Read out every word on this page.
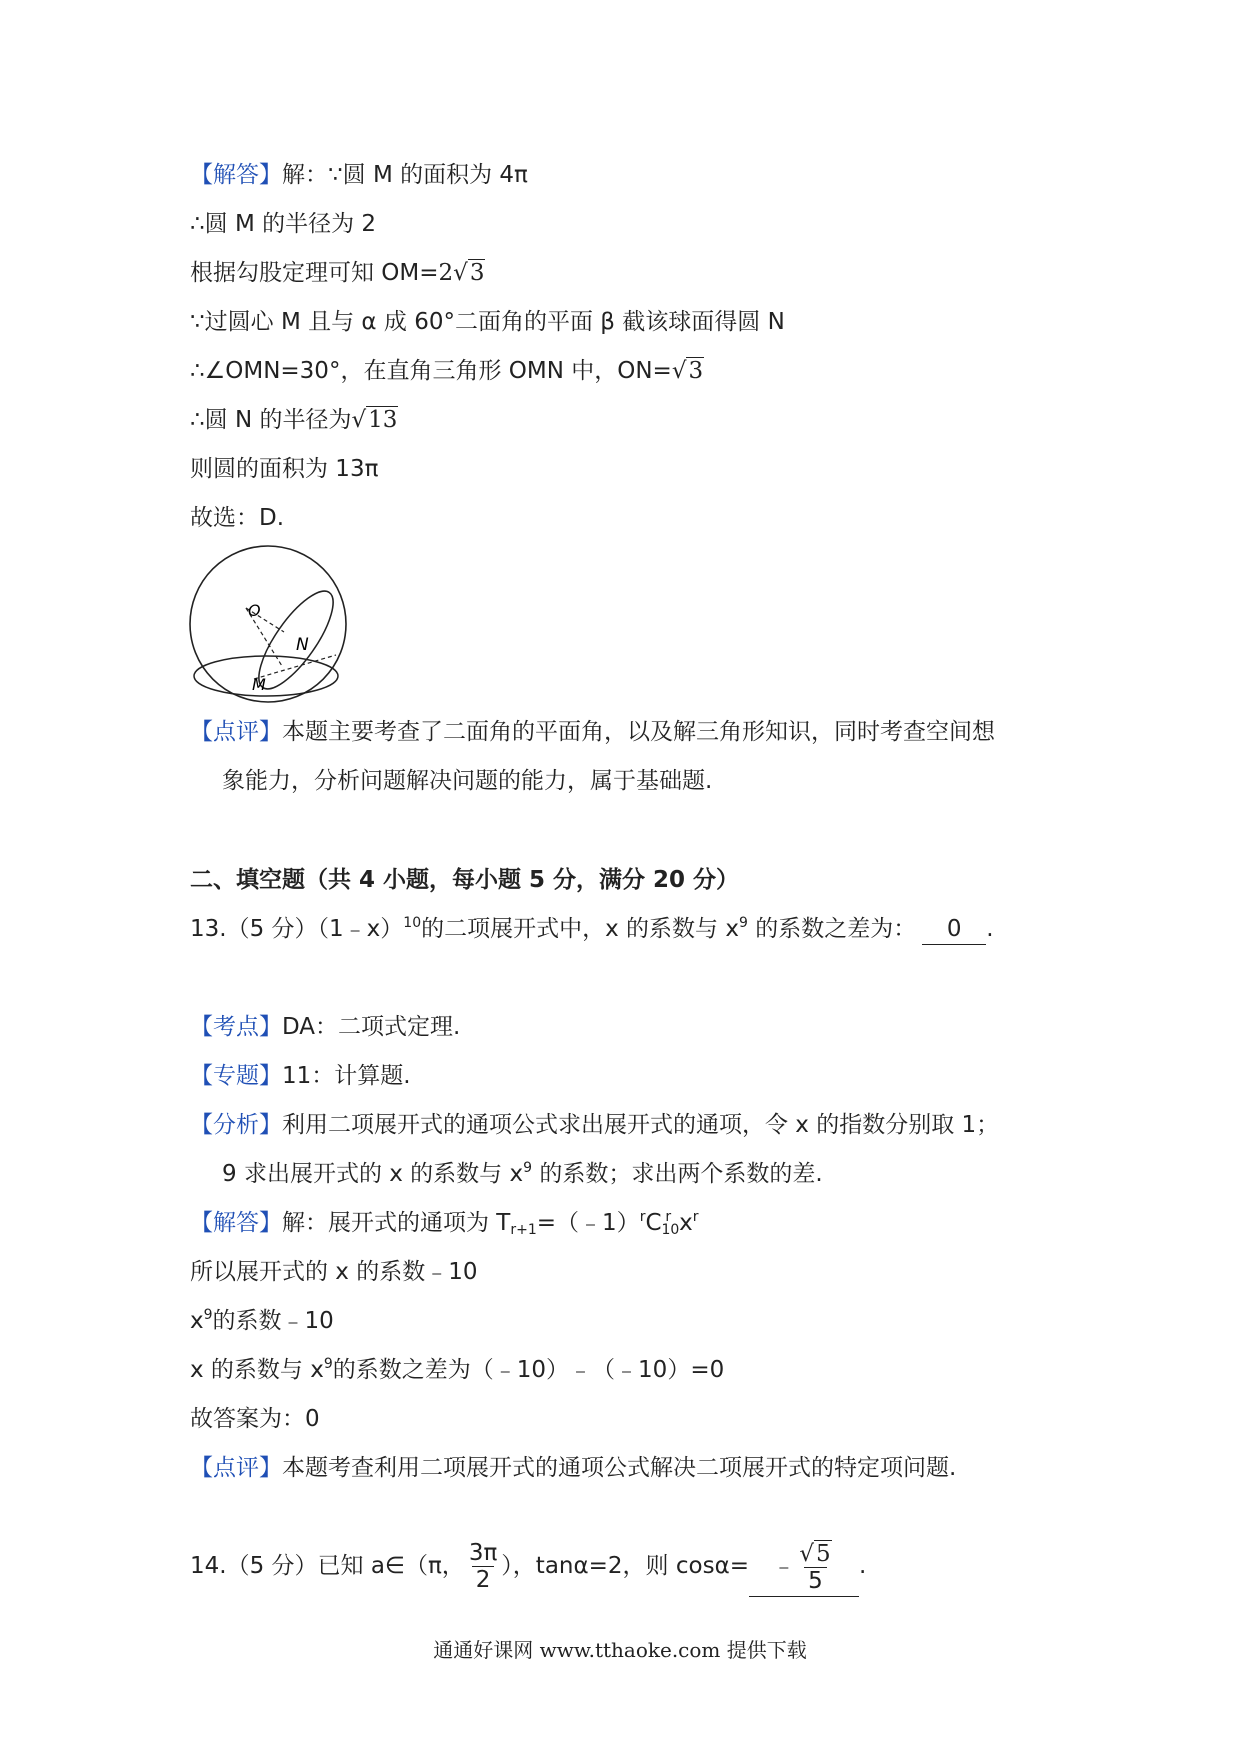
【解答】解：∵圆 M 的面积为 4π
∴圆 M 的半径为 2
根据勾股定理可知 OM=2√3
∵过圆心 M 且与 α 成 60°二面角的平面 β 截该球面得圆 N
∴∠OMN=30°，在直角三角形 OMN 中，ON=√3
∴圆 N 的半径为√13
则圆的面积为 13π
故选：D.
O
N
M
【点评】本题主要考查了二面角的平面角，以及解三角形知识，同时考查空间想
象能力，分析问题解决问题的能力，属于基础题.
二、填空题（共 4 小题，每小题 5 分，满分 20 分）
13.（5 分）（1﹣x）$^{10}$的二项展开式中，x 的系数与 $x^9$ 的系数之差为： 0 .
【考点】DA：二项式定理.
【专题】11：计算题.
【分析】利用二项展开式的通项公式求出展开式的通项，令 x 的指数分别取 1；
9 求出展开式的 x 的系数与 $x^9$ 的系数；求出两个系数的差.
【解答】解：展开式的通项为 $T_{r+1}=(﹣1)^rC_{10}^r$ $x^r$
所以展开式的 x 的系数﹣10
$x^9$的系数﹣10
x 的系数与 $x^9$的系数之差为（﹣10）﹣（﹣10）=0
故答案为：0
【点评】本题考查利用二项展开式的通项公式解决二项展开式的特定项问题.
14.（5 分）已知 a∈（π， $\frac{3\pi}{2}$ ），tanα=2，则 cosα= ﹣ $\frac{√5}{5}$ .
通通好课网 www.tthaoke.com 提供下载
